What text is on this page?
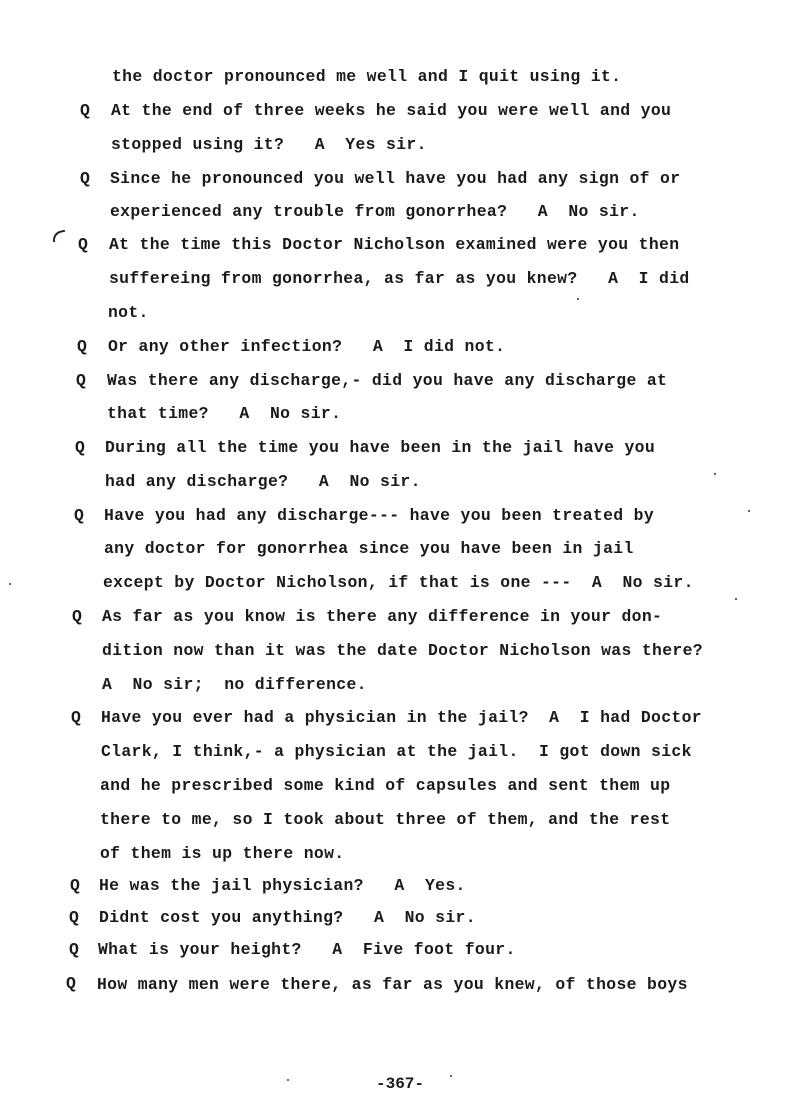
the doctor pronounced me well and I quit using it.
Q At the end of three weeks he said you were well and you
stopped using it?   A  Yes sir.
Q Since he pronounced you well have you had any sign of or
experienced any trouble from gonorrhea?   A  No sir.
Q At the time this Doctor Nicholson examined were you then
suffereing from gonorrhea, as far as you knew?   A  I did
not.
Q Or any other infection?   A  I did not.
Q Was there any discharge,- did you have any discharge at
that time?   A  No sir.
Q During all the time you have been in the jail have you
had any discharge?   A  No sir.
Q Have you had any discharge--- have you been treated by
any doctor for gonorrhea since you have been in jail
except by Doctor Nicholson, if that is one ---  A  No sir.
Q As far as you know is there any difference in your don-
dition now than it was the date Doctor Nicholson was there?
A  No sir;  no difference.
Q Have you ever had a physician in the jail?  A  I had Doctor
Clark, I think,- a physician at the jail.  I got down sick
and he prescribed some kind of capsules and sent them up
there to me, so I took about three of them, and the rest
of them is up there now.
Q He was the jail physician?   A  Yes.
Q Didnt cost you anything?   A  No sir.
Q What is your height?   A  Five foot four.
Q How many men were there, as far as you knew, of those boys
-367-
